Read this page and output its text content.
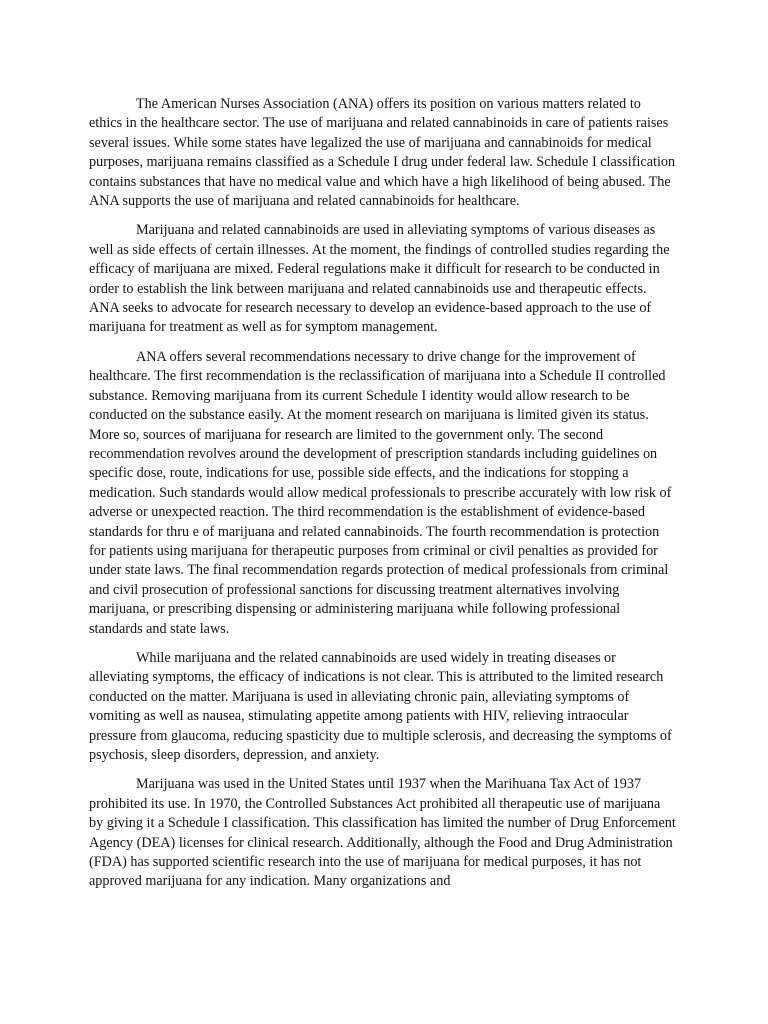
The American Nurses Association (ANA) offers its position on various matters related to ethics in the healthcare sector. The use of marijuana and related cannabinoids in care of patients raises several issues. While some states have legalized the use of marijuana and cannabinoids for medical purposes, marijuana remains classified as a Schedule I drug under federal law. Schedule I classification contains substances that have no medical value and which have a high likelihood of being abused. The ANA supports the use of marijuana and related cannabinoids for healthcare.

Marijuana and related cannabinoids are used in alleviating symptoms of various diseases as well as side effects of certain illnesses. At the moment, the findings of controlled studies regarding the efficacy of marijuana are mixed. Federal regulations make it difficult for research to be conducted in order to establish the link between marijuana and related cannabinoids use and therapeutic effects. ANA seeks to advocate for research necessary to develop an evidence-based approach to the use of marijuana for treatment as well as for symptom management.

ANA offers several recommendations necessary to drive change for the improvement of healthcare. The first recommendation is the reclassification of marijuana into a Schedule II controlled substance. Removing marijuana from its current Schedule I identity would allow research to be conducted on the substance easily. At the moment research on marijuana is limited given its status. More so, sources of marijuana for research are limited to the government only. The second recommendation revolves around the development of prescription standards including guidelines on specific dose, route, indications for use, possible side effects, and the indications for stopping a medication. Such standards would allow medical professionals to prescribe accurately with low risk of adverse or unexpected reaction. The third recommendation is the establishment of evidence-based standards for thru e of marijuana and related cannabinoids. The fourth recommendation is protection for patients using marijuana for therapeutic purposes from criminal or civil penalties as provided for under state laws. The final recommendation regards protection of medical professionals from criminal and civil prosecution of professional sanctions for discussing treatment alternatives involving marijuana, or prescribing dispensing or administering marijuana while following professional standards and state laws.

While marijuana and the related cannabinoids are used widely in treating diseases or alleviating symptoms, the efficacy of indications is not clear. This is attributed to the limited research conducted on the matter. Marijuana is used in alleviating chronic pain, alleviating symptoms of vomiting as well as nausea, stimulating appetite among patients with HIV, relieving intraocular pressure from glaucoma, reducing spasticity due to multiple sclerosis, and decreasing the symptoms of psychosis, sleep disorders, depression, and anxiety.

Marijuana was used in the United States until 1937 when the Marihuana Tax Act of 1937 prohibited its use. In 1970, the Controlled Substances Act prohibited all therapeutic use of marijuana by giving it a Schedule I classification. This classification has limited the number of Drug Enforcement Agency (DEA) licenses for clinical research. Additionally, although the Food and Drug Administration (FDA) has supported scientific research into the use of marijuana for medical purposes, it has not approved marijuana for any indication. Many organizations and
